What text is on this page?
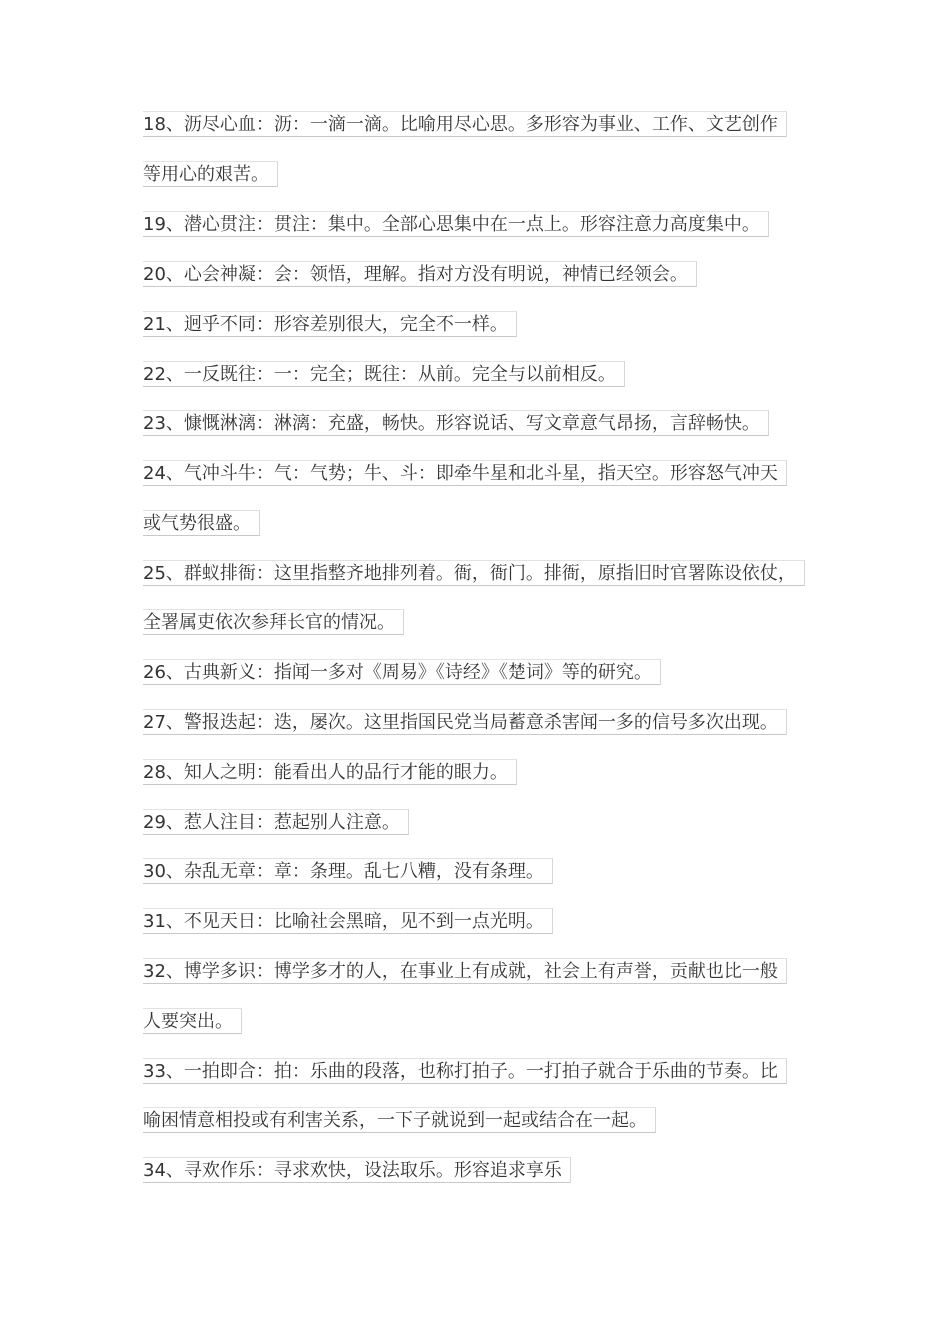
18、沥尽心血：沥：一滴一滴。比喻用尽心思。多形容为事业、工作、文艺创作
等用心的艰苦。
19、潜心贯注：贯注：集中。全部心思集中在一点上。形容注意力高度集中。
20、心会神凝：会：领悟，理解。指对方没有明说，神情已经领会。
21、迥乎不同：形容差别很大，完全不一样。
22、一反既往：一：完全；既往：从前。完全与以前相反。
23、慷慨淋漓：淋漓：充盛，畅快。形容说话、写文章意气昂扬，言辞畅快。
24、气冲斗牛：气：气势；牛、斗：即牵牛星和北斗星，指天空。形容怒气冲天
或气势很盛。
25、群蚁排衙：这里指整齐地排列着。衙，衙门。排衙，原指旧时官署陈设依仗，
全署属吏依次参拜长官的情况。
26、古典新义：指闻一多对《周易》《诗经》《楚词》等的研究。
27、警报迭起：迭，屡次。这里指国民党当局蓄意杀害闻一多的信号多次出现。
28、知人之明：能看出人的品行才能的眼力。
29、惹人注目：惹起别人注意。
30、杂乱无章：章：条理。乱七八糟，没有条理。
31、不见天日：比喻社会黑暗，见不到一点光明。
32、博学多识：博学多才的人，在事业上有成就，社会上有声誉，贡献也比一般
人要突出。
33、一拍即合：拍：乐曲的段落，也称打拍子。一打拍子就合于乐曲的节奏。比
喻困情意相投或有利害关系，一下子就说到一起或结合在一起。
34、寻欢作乐：寻求欢快，设法取乐。形容追求享乐
